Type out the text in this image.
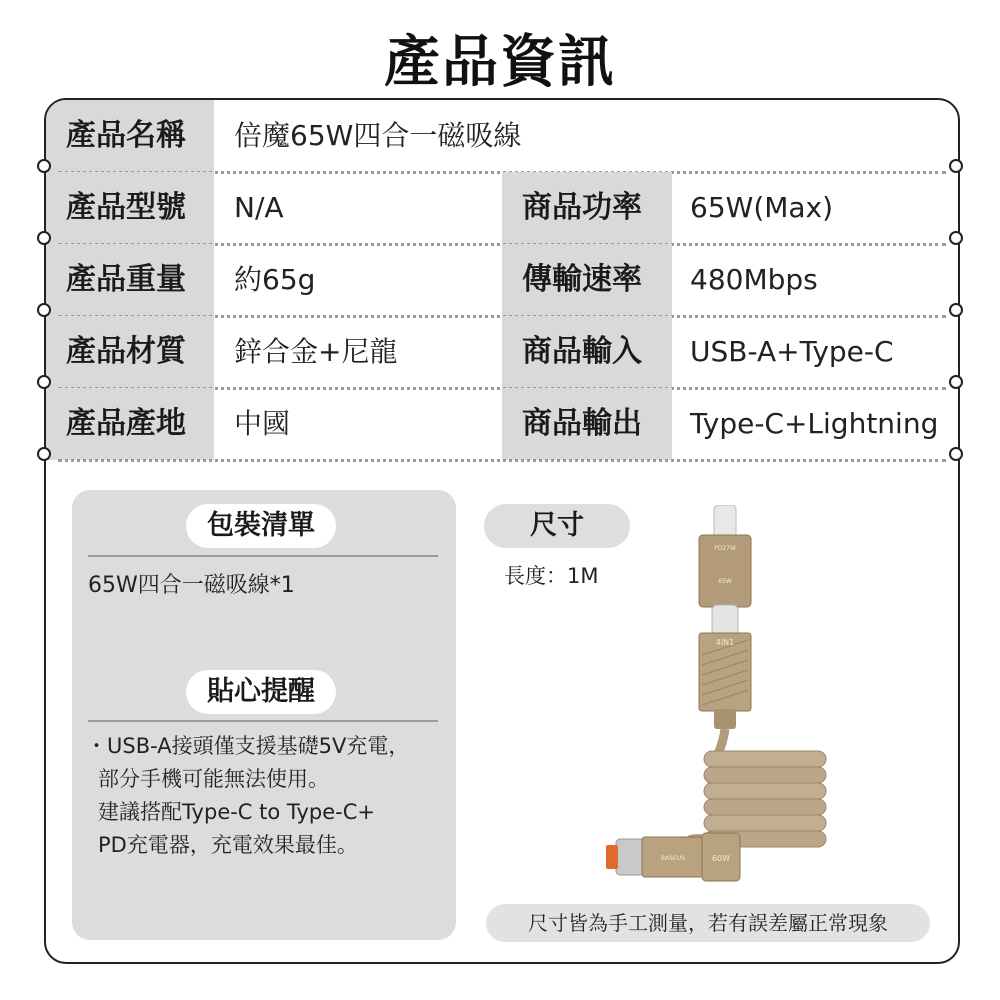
產品資訊
產品名稱	倍魔65W四合一磁吸線
產品型號	N/A	商品功率	65W(Max)
產品重量	約65g	傳輸速率	480Mbps
產品材質	鋅合金+尼龍	商品輸入	USB-A+Type-C
產品產地	中國	商品輸出	Type-C+Lightning
包裝清單
65W四合一磁吸線*1
貼心提醒
・USB-A接頭僅支援基礎5V充電，
部分手機可能無法使用。
建議搭配Type-C to Type-C+
PD充電器，充電效果最佳。
尺寸
長度：1M
PD27W
65W
4IN1
BASEUS	60W
尺寸皆為手工測量，若有誤差屬正常現象
